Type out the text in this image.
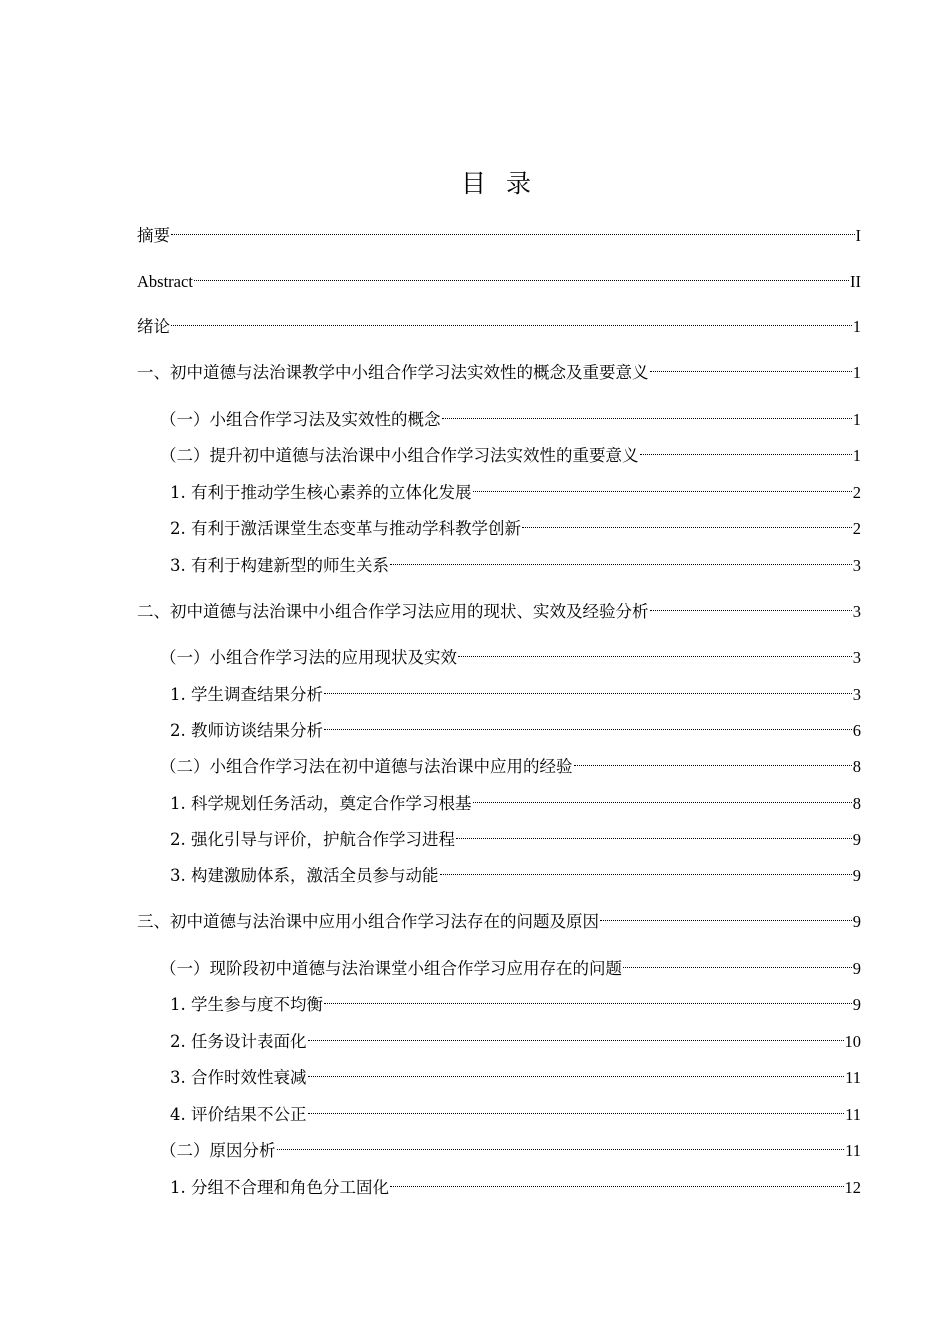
目 录
摘要	I
Abstract	II
绪论	1
一、初中道德与法治课教学中小组合作学习法实效性的概念及重要意义	1
（一）小组合作学习法及实效性的概念	1
（二）提升初中道德与法治课中小组合作学习法实效性的重要意义	1
1. 有利于推动学生核心素养的立体化发展	2
2. 有利于激活课堂生态变革与推动学科教学创新	2
3. 有利于构建新型的师生关系	3
二、初中道德与法治课中小组合作学习法应用的现状、实效及经验分析	3
（一）小组合作学习法的应用现状及实效	3
1. 学生调查结果分析	3
2. 教师访谈结果分析	6
（二）小组合作学习法在初中道德与法治课中应用的经验	8
1. 科学规划任务活动，奠定合作学习根基	8
2. 强化引导与评价，护航合作学习进程	9
3. 构建激励体系，激活全员参与动能	9
三、初中道德与法治课中应用小组合作学习法存在的问题及原因	9
（一）现阶段初中道德与法治课堂小组合作学习应用存在的问题	9
1. 学生参与度不均衡	9
2. 任务设计表面化	10
3. 合作时效性衰减	11
4. 评价结果不公正	11
（二）原因分析	11
1. 分组不合理和角色分工固化	12
